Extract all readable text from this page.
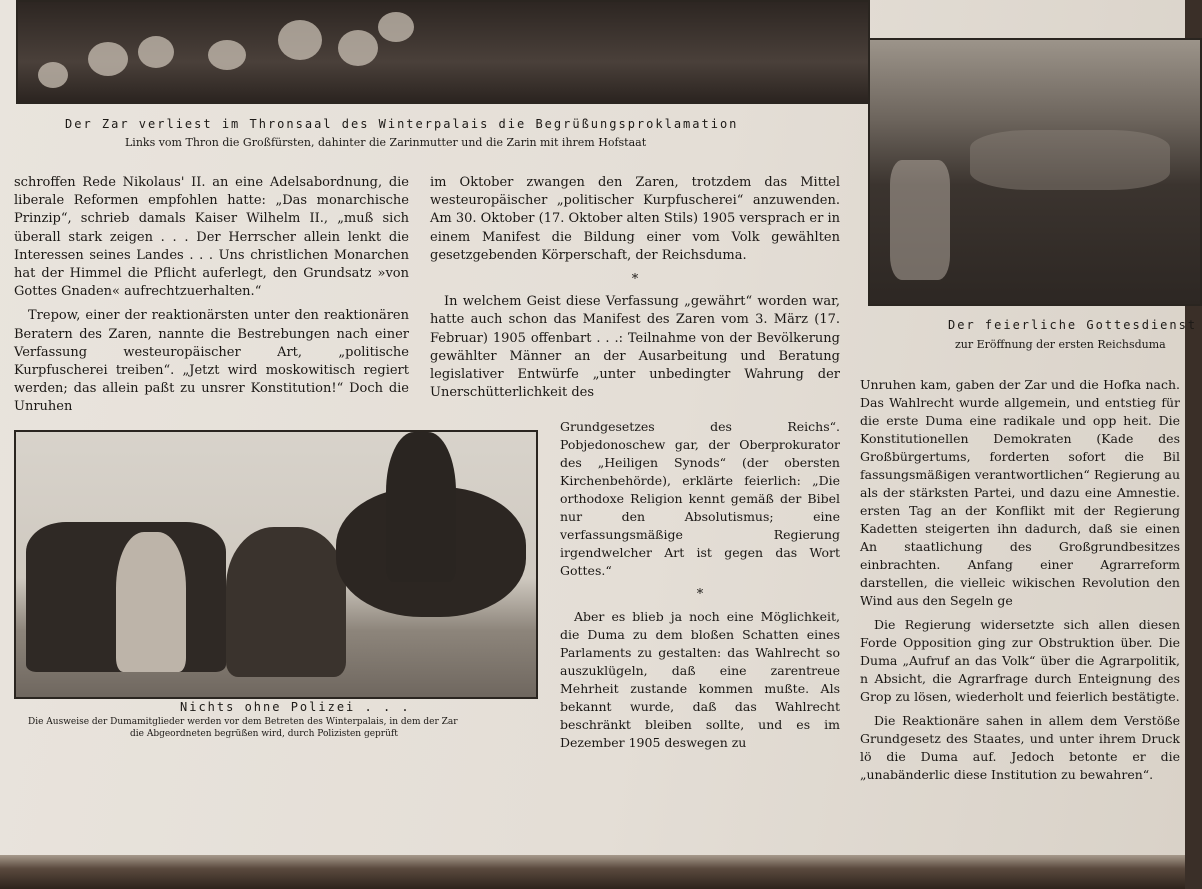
Der Zar verliest im Thronsaal des Winterpalais die Begrüßungsproklamation
Links vom Thron die Großfürsten, dahinter die Zarinmutter und die Zarin mit ihrem Hofstaat
Der feierliche Gottesdienst
zur Eröffnung der ersten Reichsduma
Nichts ohne Polizei . . .
Die Ausweise der Dumamitglieder werden vor dem Betreten des Winterpalais, in dem der Zar
die Abgeordneten begrüßen wird, durch Polizisten geprüft

schroffen Rede Nikolaus' II. an eine Adelsabordnung, die liberale Reformen empfohlen hatte: „Das monarchische Prinzip“, schrieb damals Kaiser Wilhelm II., „muß sich überall stark zeigen . . . Der Herrscher allein lenkt die Interessen seines Landes . . . Uns christlichen Monarchen hat der Himmel die Pflicht auferlegt, den Grundsatz »von Gottes Gnaden« aufrechtzuerhalten.“

Trepow, einer der reaktionärsten unter den reaktionären Beratern des Zaren, nannte die Bestrebungen nach einer Verfassung westeuropäischer Art, „politische Kurpfuscherei treiben“. „Jetzt wird moskowitisch regiert werden; das allein paßt zu unsrer Konstitution!“ Doch die Unruhen

im Oktober zwangen den Zaren, trotzdem das Mittel westeuropäischer „politischer Kurpfuscherei“ anzuwenden. Am 30. Oktober (17. Oktober alten Stils) 1905 versprach er in einem Manifest die Bildung einer vom Volk gewählten gesetzgebenden Körperschaft, der Reichsduma.

*

In welchem Geist diese Verfassung „gewährt“ worden war, hatte auch schon das Manifest des Zaren vom 3. März (17. Februar) 1905 offenbart . . .: Teilnahme von der Bevölkerung gewählter Männer an der Ausarbeitung und Beratung legislativer Entwürfe „unter unbedingter Wahrung der Unerschütterlichkeit des

Grundgesetzes des Reichs“. Pobjedonoschew gar, der Oberprokurator des „Heiligen Synods“ (der obersten Kirchenbehörde), erklärte feierlich: „Die orthodoxe Religion kennt gemäß der Bibel nur den Absolutismus; eine verfassungsmäßige Regierung irgendwelcher Art ist gegen das Wort Gottes.“

*

Aber es blieb ja noch eine Möglichkeit, die Duma zu dem bloßen Schatten eines Parlaments zu gestalten: das Wahlrecht so auszuklügeln, daß eine zarentreue Mehrheit zustande kommen mußte. Als bekannt wurde, daß das Wahlrecht beschränkt bleiben sollte, und es im Dezember 1905 deswegen zu

Unruhen kam, gaben der Zar und die Hofka nach. Das Wahlrecht wurde allgemein, und entstieg für die erste Duma eine radikale und opp heit. Die Konstitutionellen Demokraten (Kade des Großbürgertums, forderten sofort die Bil fassungsmäßigen verantwortlichen“ Regierung au als der stärksten Partei, und dazu eine Amnestie. ersten Tag an der Konflikt mit der Regierung Kadetten steigerten ihn dadurch, daß sie einen An staatlichung des Großgrundbesitzes einbrachten. Anfang einer Agrarreform darstellen, die vielleic wikischen Revolution den Wind aus den Segeln ge

Die Regierung widersetzte sich allen diesen Forde Opposition ging zur Obstruktion über. Die Duma „Aufruf an das Volk“ über die Agrarpolitik, n Absicht, die Agrarfrage durch Enteignung des Grop zu lösen, wiederholt und feierlich bestätigte.

Die Reaktionäre sahen in allem dem Verstöße Grundgesetz des Staates, und unter ihrem Druck lö die Duma auf. Jedoch betonte er die „unabänderlic diese Institution zu bewahren“.
